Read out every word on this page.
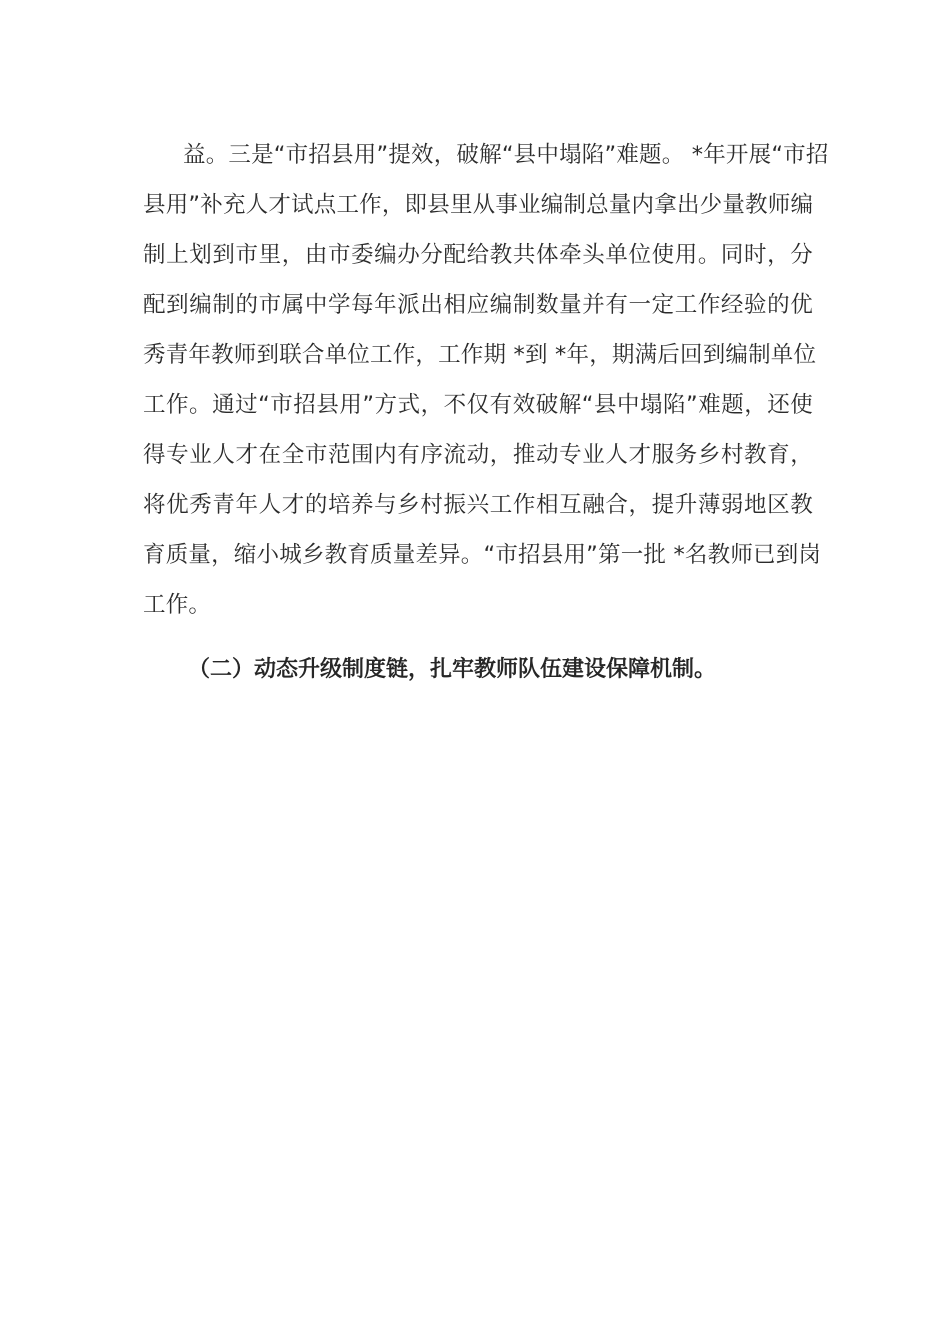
益。三是“市招县用”提效，破解“县中塌陷”难题。 *年开展“市招
县用”补充人才试点工作，即县里从事业编制总量内拿出少量教师编
制上划到市里，由市委编办分配给教共体牵头单位使用。同时，分
配到编制的市属中学每年派出相应编制数量并有一定工作经验的优
秀青年教师到联合单位工作，工作期 *到 *年，期满后回到编制单位
工作。通过“市招县用”方式，不仅有效破解“县中塌陷”难题，还使
得专业人才在全市范围内有序流动，推动专业人才服务乡村教育，
将优秀青年人才的培养与乡村振兴工作相互融合，提升薄弱地区教
育质量，缩小城乡教育质量差异。“市招县用”第一批 *名教师已到岗
工作。
（二）动态升级制度链，扎牢教师队伍建设保障机制。
